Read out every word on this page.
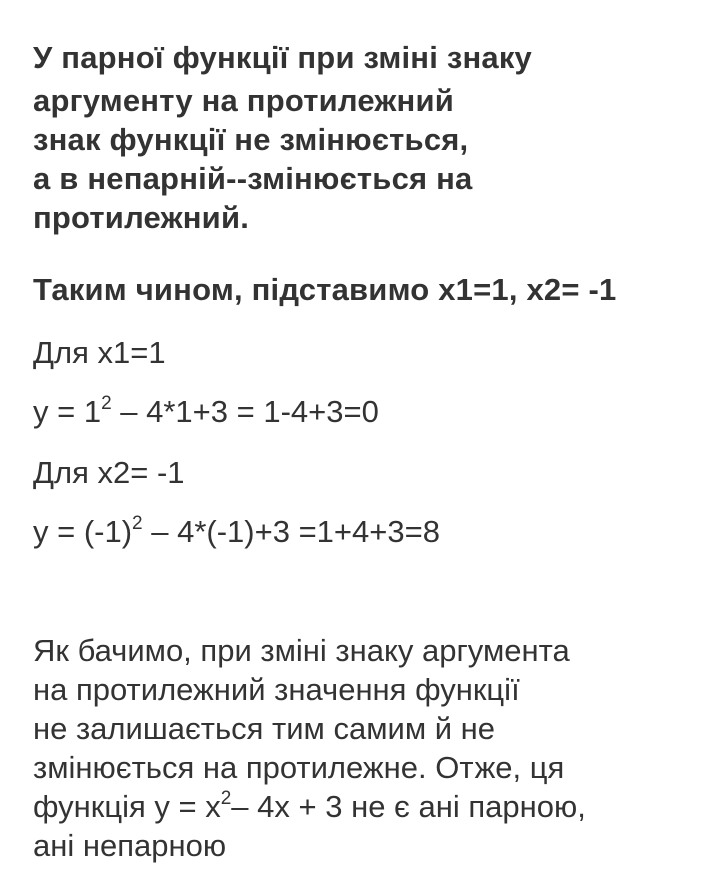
У парної функції при зміні знаку
аргументу на протилежний
знак функції не змінюється,
а в непарній--змінюється на
протилежний.
Таким чином, підставимо x1=1, x2= -1
Для x1=1
$у = 1^2 - 4*1+3 = 1-4+3=0$
Для x2= -1
$у = (-1)^2 - 4*(-1)+3 =1+4+3=8$
Як бачимо, при зміні знаку аргумента
на протилежний значення функції
не залишається тим самим й не
змінюється на протилежне. Отже, ця
функція $у = x^2-$ 4x + 3 не є ані парною,
ані непарною
